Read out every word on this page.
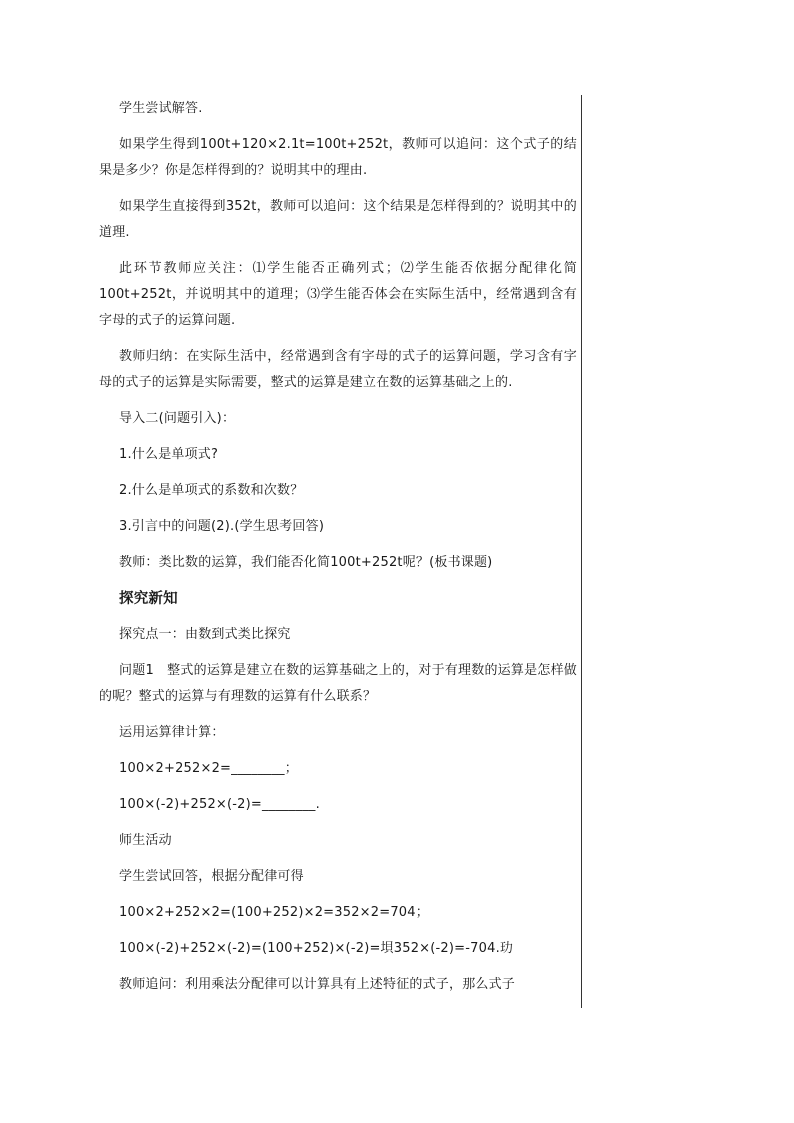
学生尝试解答.

如果学生得到100t+120×2.1t=100t+252t，教师可以追问：这个式子的结果是多少？你是怎样得到的？说明其中的理由.

如果学生直接得到352t，教师可以追问：这个结果是怎样得到的？说明其中的道理.

此环节教师应关注：⑴学生能否正确列式；⑵学生能否依据分配律化简100t+252t，并说明其中的道理；⑶学生能否体会在实际生活中，经常遇到含有字母的式子的运算问题.

教师归纳：在实际生活中，经常遇到含有字母的式子的运算问题，学习含有字母的式子的运算是实际需要，整式的运算是建立在数的运算基础之上的.

导入二(问题引入)：

1.什么是单项式?

2.什么是单项式的系数和次数？

3.引言中的问题(2).(学生思考回答)

教师：类比数的运算，我们能否化简100t+252t呢？(板书课题)

探究新知

探究点一：由数到式类比探究

问题1　整式的运算是建立在数的运算基础之上的，对于有理数的运算是怎样做的呢？整式的运算与有理数的运算有什么联系？

运用运算律计算：

100×2+252×2=________；

100×(-2)+252×(-2)=________.

师生活动

学生尝试回答，根据分配律可得

100×2+252×2=(100+252)×2=352×2=704；

100×(-2)+252×(-2)=(100+252)×(-2)=垻352×(-2)=-704.玏

教师追问：利用乘法分配律可以计算具有上述特征的式子，那么式子
